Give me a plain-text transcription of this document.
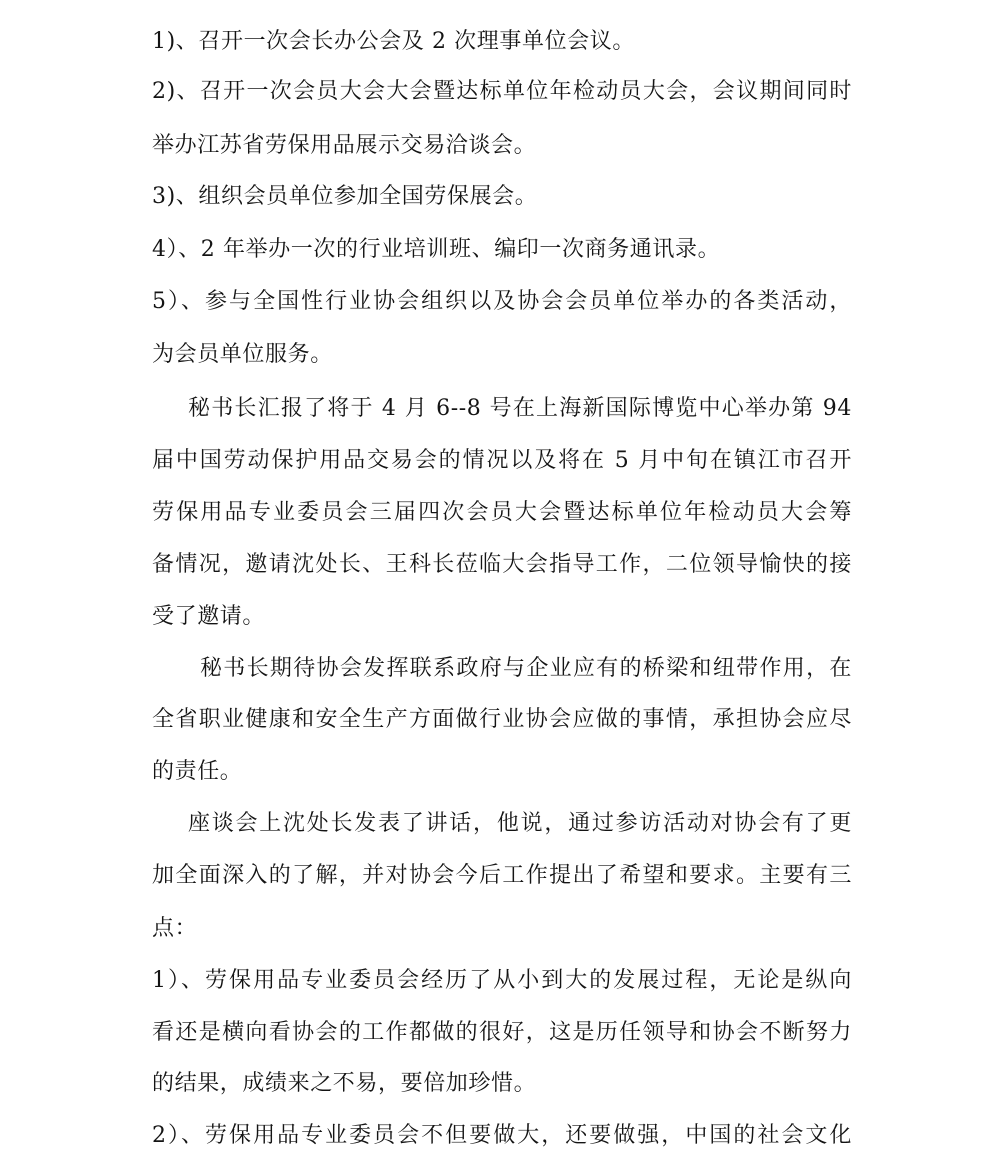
1)、召开一次会长办公会及 2 次理事单位会议。
2)、召开一次会员大会大会暨达标单位年检动员大会，会议期间同时
举办江苏省劳保用品展示交易洽谈会。
3)、组织会员单位参加全国劳保展会。
4）、2 年举办一次的行业培训班、编印一次商务通讯录。
5）、参与全国性行业协会组织以及协会会员单位举办的各类活动，
为会员单位服务。
秘书长汇报了将于 4 月 6--8 号在上海新国际博览中心举办第 94
届中国劳动保护用品交易会的情况以及将在 5 月中旬在镇江市召开
劳保用品专业委员会三届四次会员大会暨达标单位年检动员大会筹
备情况，邀请沈处长、王科长莅临大会指导工作，二位领导愉快的接
受了邀请。
秘书长期待协会发挥联系政府与企业应有的桥梁和纽带作用，在
全省职业健康和安全生产方面做行业协会应做的事情，承担协会应尽
的责任。
座谈会上沈处长发表了讲话，他说，通过参访活动对协会有了更
加全面深入的了解，并对协会今后工作提出了希望和要求。主要有三
点：
1）、劳保用品专业委员会经历了从小到大的发展过程，无论是纵向
看还是横向看协会的工作都做的很好，这是历任领导和协会不断努力
的结果，成绩来之不易，要倍加珍惜。
2）、劳保用品专业委员会不但要做大，还要做强，中国的社会文化
